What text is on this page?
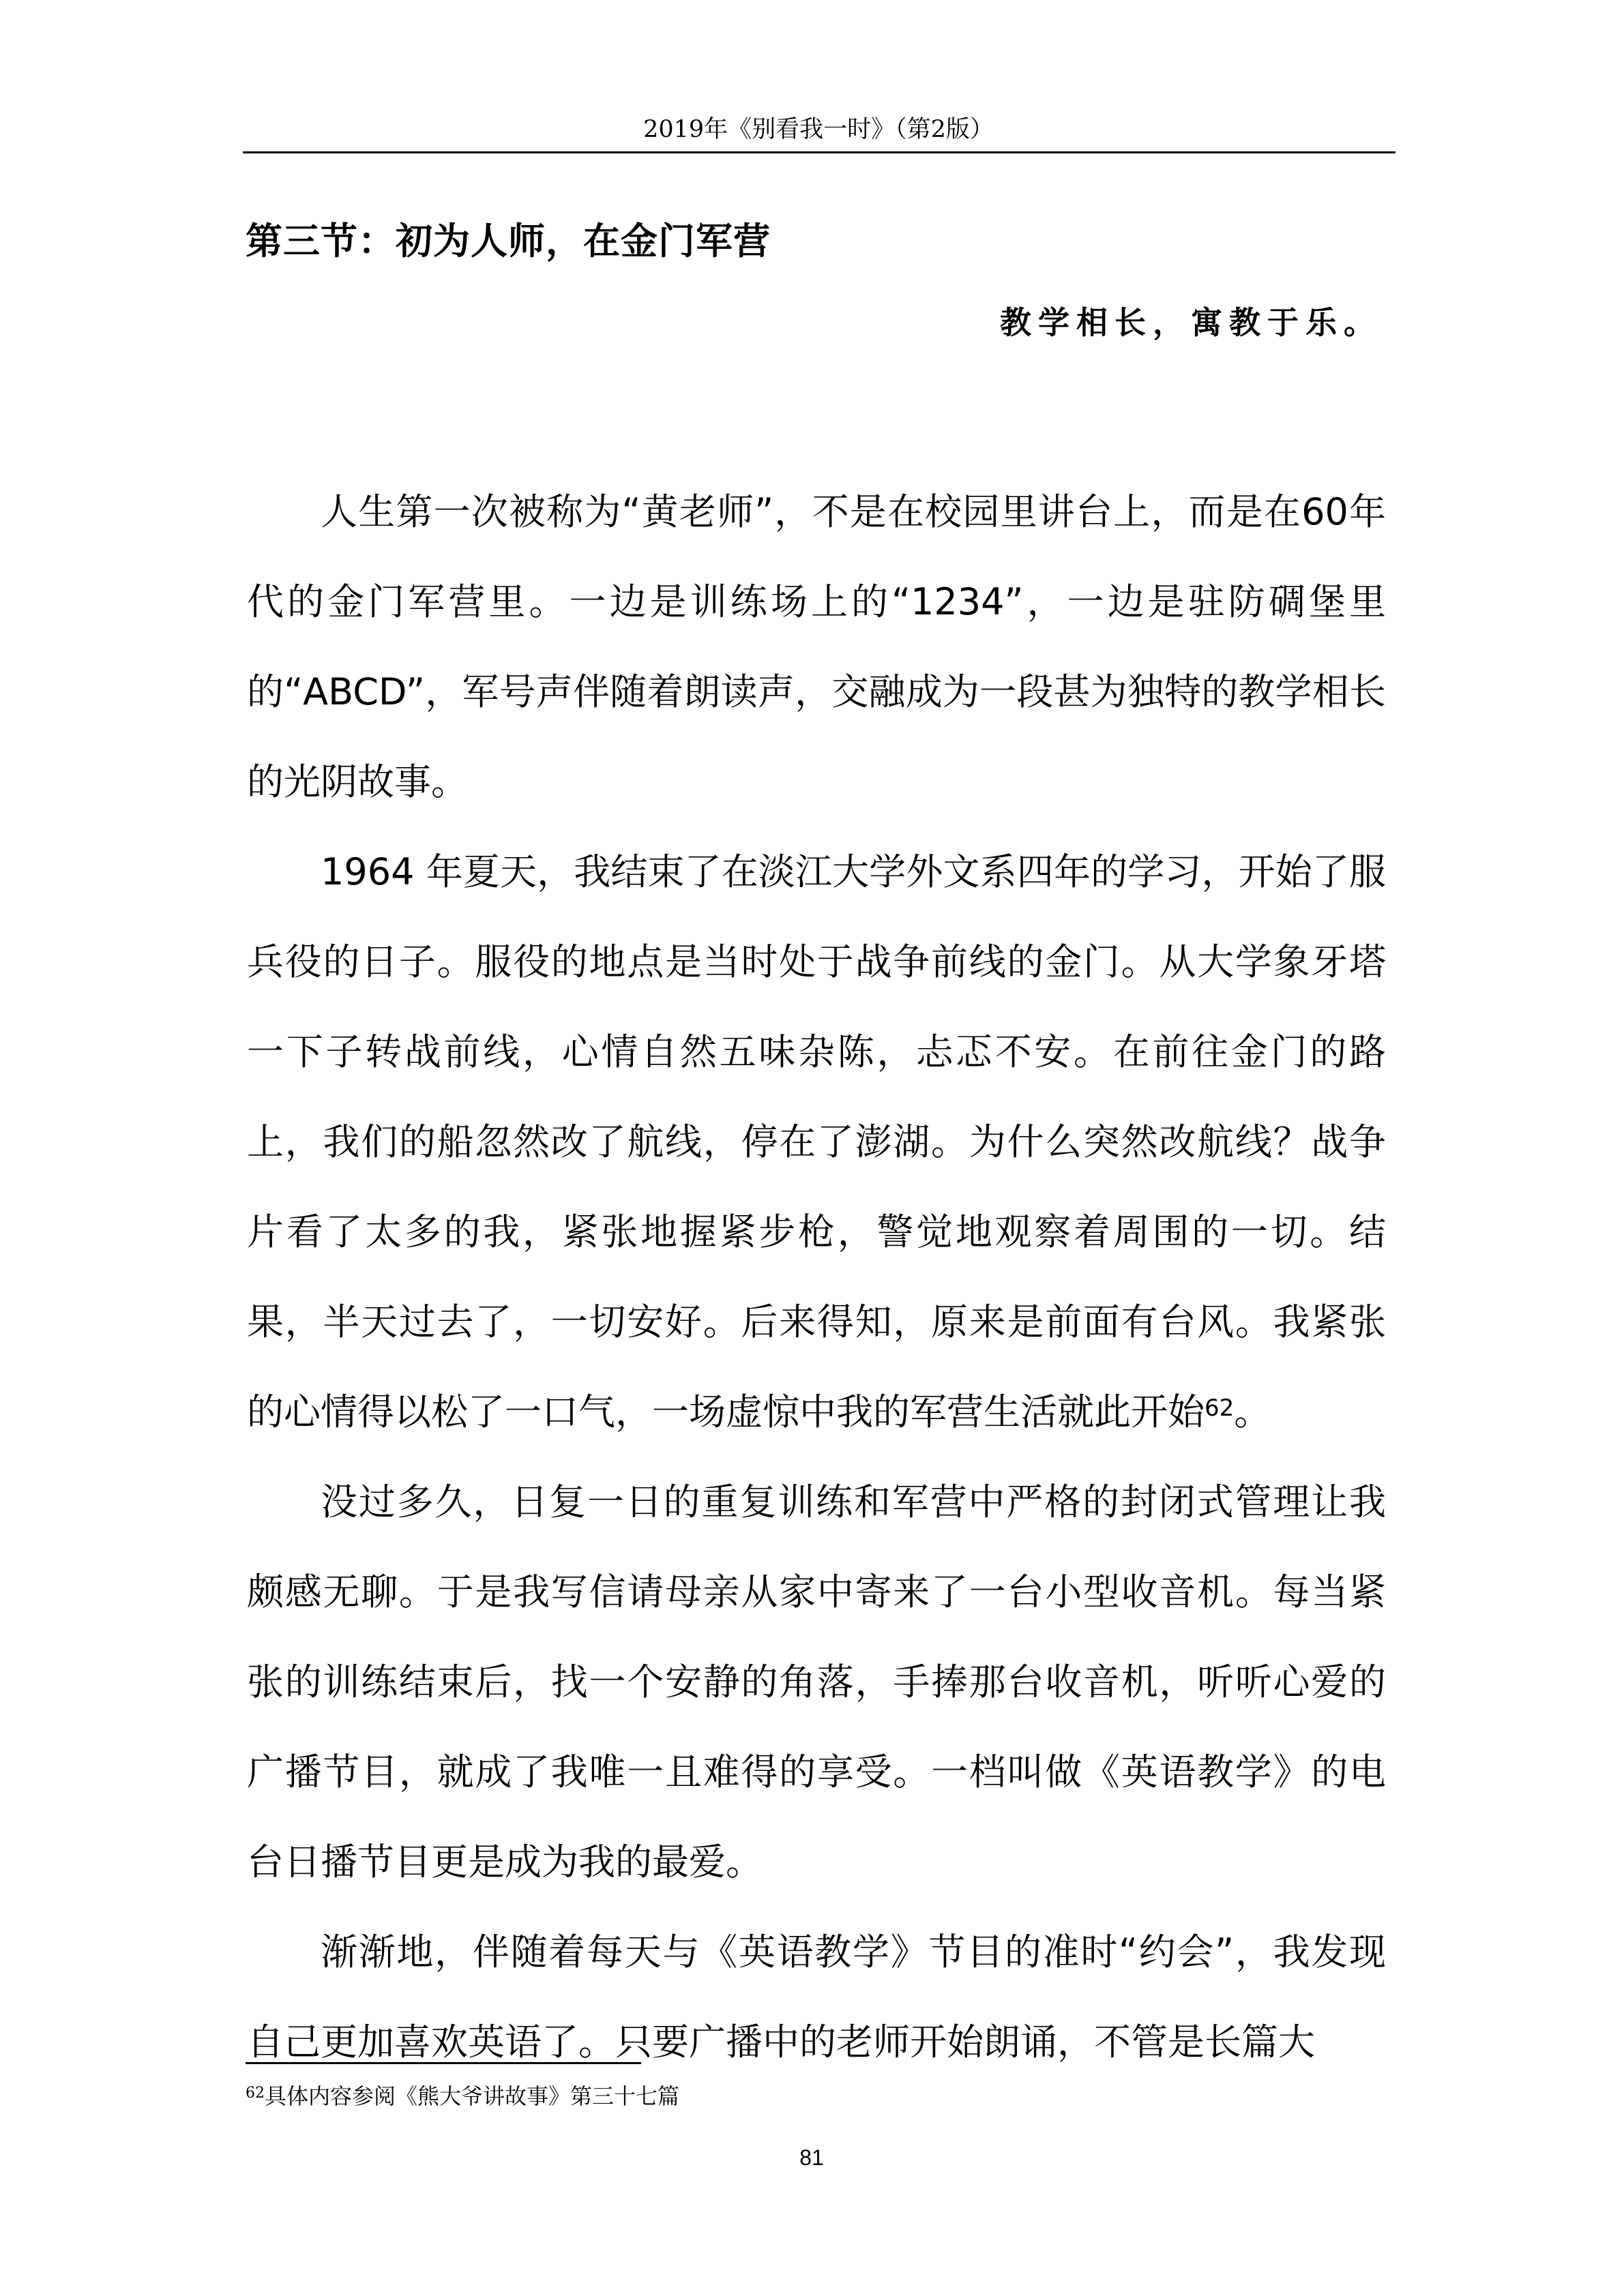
2019年《别看我一时》（第2版）
第三节：初为人师，在金门军营
教学相长，寓教于乐。

人生第一次被称为“黄老师”，不是在校园里讲台上，而是在60年代的金门军营里。一边是训练场上的“1234”，一边是驻防碉堡里的“ABCD”，军号声伴随着朗读声，交融成为一段甚为独特的教学相长的光阴故事。

1964 年夏天，我结束了在淡江大学外文系四年的学习，开始了服兵役的日子。服役的地点是当时处于战争前线的金门。从大学象牙塔一下子转战前线，心情自然五味杂陈，忐忑不安。在前往金门的路上，我们的船忽然改了航线，停在了澎湖。为什么突然改航线？战争片看了太多的我，紧张地握紧步枪，警觉地观察着周围的一切。结果，半天过去了，一切安好。后来得知，原来是前面有台风。我紧张的心情得以松了一口气，一场虚惊中我的军营生活就此开始$^{62}$。

没过多久，日复一日的重复训练和军营中严格的封闭式管理让我颇感无聊。于是我写信请母亲从家中寄来了一台小型收音机。每当紧张的训练结束后，找一个安静的角落，手捧那台收音机，听听心爱的广播节目，就成了我唯一且难得的享受。一档叫做《英语教学》的电台日播节目更是成为我的最爱。

渐渐地，伴随着每天与《英语教学》节目的准时“约会”，我发现自己更加喜欢英语了。只要广播中的老师开始朗诵，不管是长篇大

$^{62}$具体内容参阅《熊大爷讲故事》第三十七篇
81
